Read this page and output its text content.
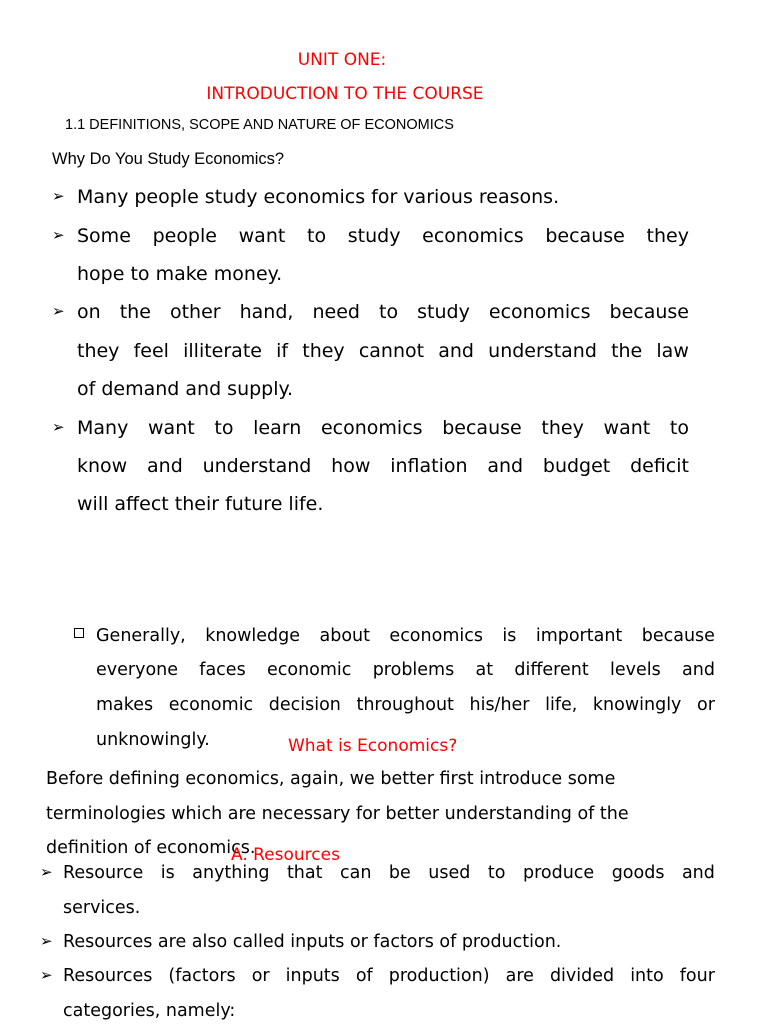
UNIT ONE:
INTRODUCTION TO THE COURSE
1.1 DEFINITIONS, SCOPE AND NATURE OF ECONOMICS
Why Do You Study Economics?
➢ Many people study economics for various reasons.
➢ Some people want to study economics because they
hope to make money.
➢ on the other hand, need to study economics because
they feel illiterate if they cannot and understand the law
of demand and supply.
➢ Many want to learn economics because they want to
know and understand how inflation and budget deficit
will affect their future life.
Generally, knowledge about economics is important because
everyone faces economic problems at different levels and
makes economic decision throughout his/her life, knowingly or
unknowingly.	What is Economics?
Before defining economics, again, we better first introduce some
terminologies which are necessary for better understanding of the
definition of economics.
A. Resources
➢ Resource is anything that can be used to produce goods and
services.
➢ Resources are also called inputs or factors of production.
➢ Resources (factors or inputs of production) are divided into four
categories, namely:
